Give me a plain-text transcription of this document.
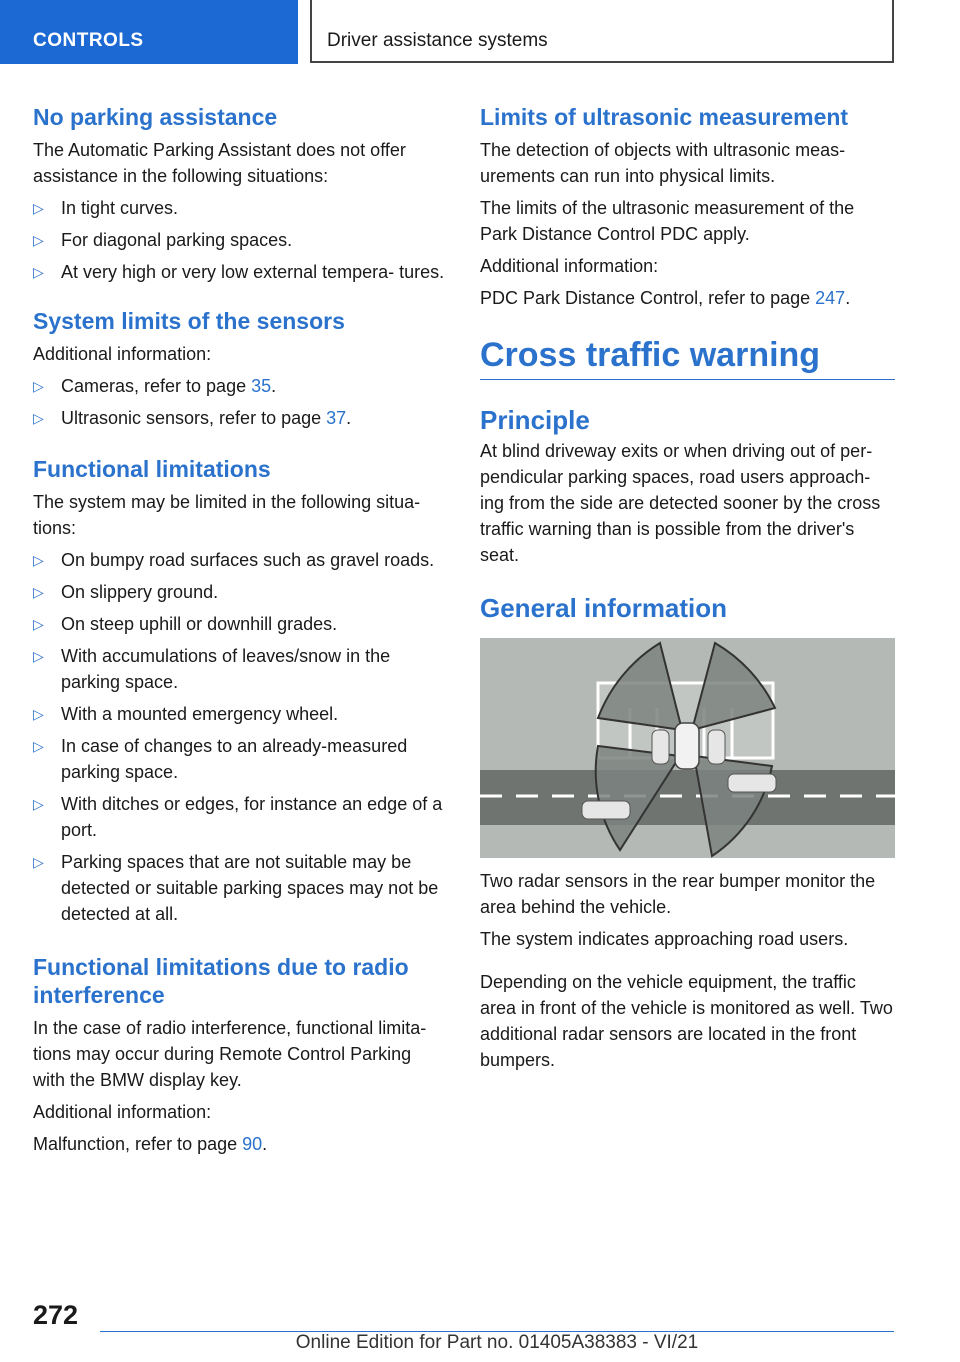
CONTROLS	Driver assistance systems
No parking assistance

The Automatic Parking Assistant does not offer assistance in the following situations:

▷ In tight curves.
▷ For diagonal parking spaces.
▷ At very high or very low external tempera- tures.
System limits of the sensors

Additional information:

▷ Cameras, refer to page 35.
▷ Ultrasonic sensors, refer to page 37.
Functional limitations

The system may be limited in the following situa- tions:

▷ On bumpy road surfaces such as gravel roads.
▷ On slippery ground.
▷ On steep uphill or downhill grades.
▷ With accumulations of leaves/snow in the parking space.
▷ With a mounted emergency wheel.
▷ In case of changes to an already-measured parking space.
▷ With ditches or edges, for instance an edge of a port.
▷ Parking spaces that are not suitable may be detected or suitable parking spaces may not be detected at all.
Functional limitations due to radio interference

In the case of radio interference, functional limita- tions may occur during Remote Control Parking with the BMW display key.

Additional information:

Malfunction, refer to page 90.

Limits of ultrasonic measurement

The detection of objects with ultrasonic meas- urements can run into physical limits.

The limits of the ultrasonic measurement of the Park Distance Control PDC apply.

Additional information:

PDC Park Distance Control, refer to page 247.

Cross traffic warning
Principle

At blind driveway exits or when driving out of per- pendicular parking spaces, road users approach- ing from the side are detected sooner by the cross traffic warning than is possible from the driver's seat.

General information

Two radar sensors in the rear bumper monitor the area behind the vehicle.

The system indicates approaching road users.

Depending on the vehicle equipment, the traffic area in front of the vehicle is monitored as well. Two additional radar sensors are located in the front bumpers.

272
Online Edition for Part no. 01405A38383 - VI/21
